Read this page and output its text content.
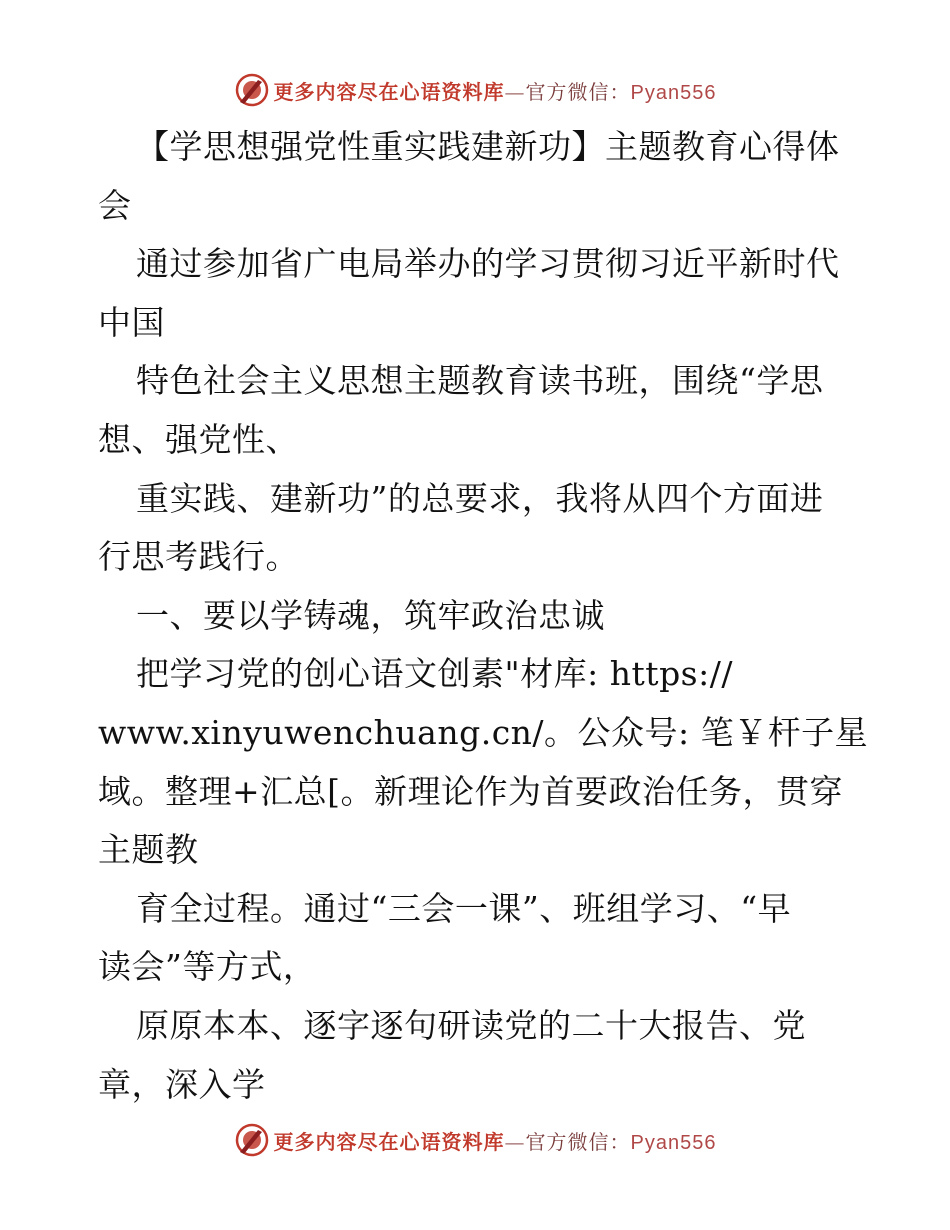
更多内容尽在心语资料库—官方微信：Pyan556
【学思想强党性重实践建新功】主题教育心得体
会
通过参加省广电局举办的学习贯彻习近平新时代
中国
特色社会主义思想主题教育读书班，围绕“学思
想、强党性、
重实践、建新功”的总要求，我将从四个方面进
行思考践行。
一、要以学铸魂，筑牢政治忠诚
把学习党的创心语文创素"材库: https://
www.xinyuwenchuang.cn/。公众号: 笔￥杆子星
域。整理+汇总[。新理论作为首要政治任务，贯穿
主题教
育全过程。通过“三会一课”、班组学习、“早
读会”等方式，
原原本本、逐字逐句研读党的二十大报告、党
章，深入学
更多内容尽在心语资料库—官方微信：Pyan556
